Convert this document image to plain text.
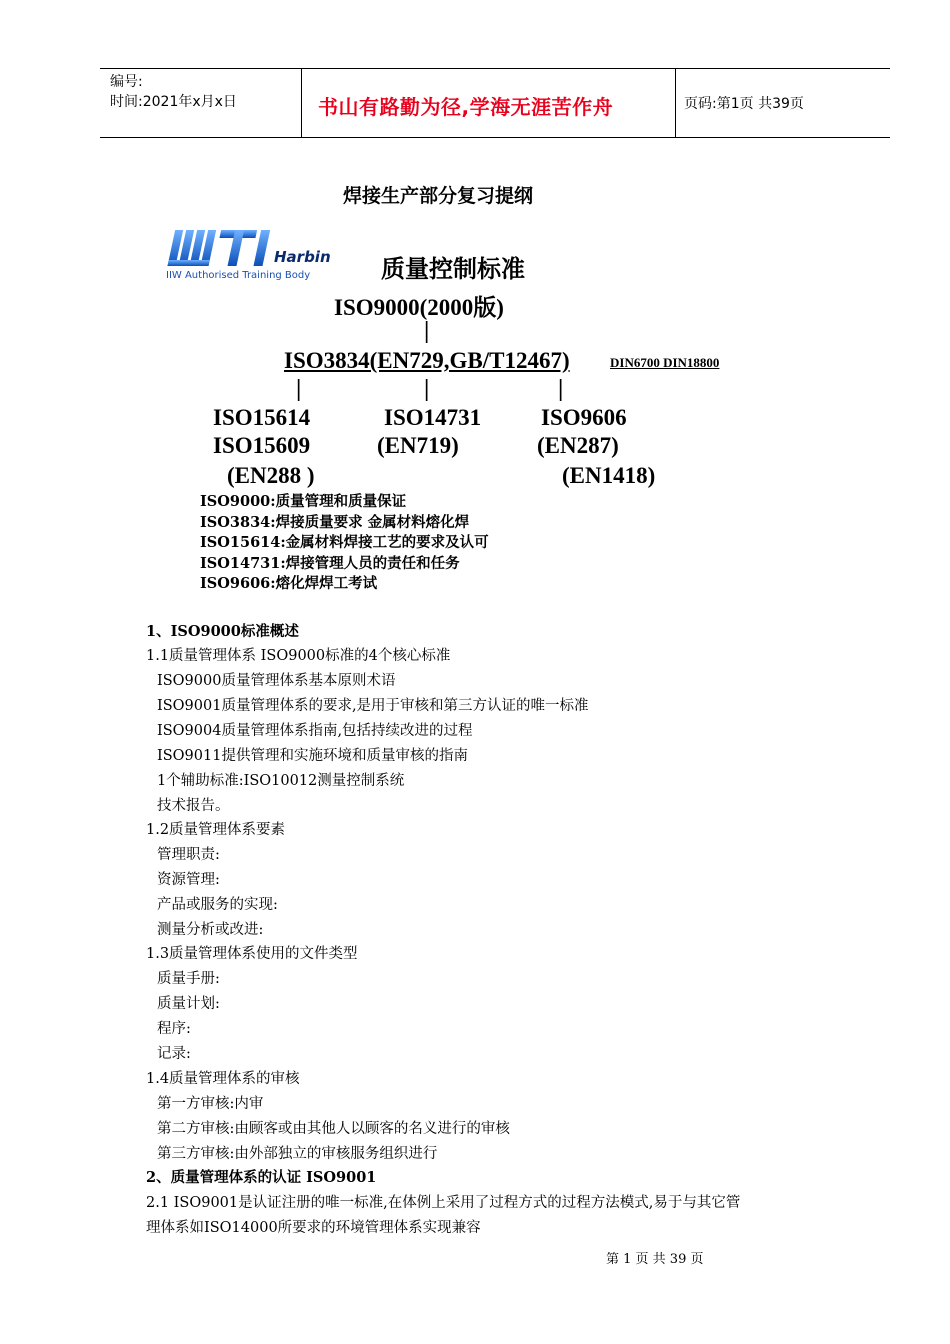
编号:
时间:2021年x月x日	书山有路勤为径,学海无涯苦作舟	页码:第1页 共39页
焊接生产部分复习提纲
Harbin
IIW Authorised Training Body	质量控制标准
ISO9000(2000版)
|
ISO3834(EN729,GB/T12467)	DIN6700 DIN18800
|	|	|
ISO15614
ISO15609
(EN288 )
ISO14731
(EN719)
ISO9606
(EN287)
(EN1418)
ISO9000:质量管理和质量保证
ISO3834:焊接质量要求 金属材料熔化焊
ISO15614:金属材料焊接工艺的要求及认可
ISO14731:焊接管理人员的责任和任务
ISO9606:熔化焊焊工考试
1、ISO9000标准概述
1.1质量管理体系 ISO9000标准的4个核心标准
ISO9000质量管理体系基本原则术语
ISO9001质量管理体系的要求,是用于审核和第三方认证的唯一标准
ISO9004质量管理体系指南,包括持续改进的过程
ISO9011提供管理和实施环境和质量审核的指南
1个辅助标准:ISO10012测量控制系统
技术报告。
1.2质量管理体系要素
管理职责:
资源管理:
产品或服务的实现:
测量分析或改进:
1.3质量管理体系使用的文件类型
质量手册:
质量计划:
程序:
记录:
1.4质量管理体系的审核
第一方审核:内审
第二方审核:由顾客或由其他人以顾客的名义进行的审核
第三方审核:由外部独立的审核服务组织进行
2、质量管理体系的认证 ISO9001
2.1 ISO9001是认证注册的唯一标准,在体例上采用了过程方式的过程方法模式,易于与其它管
理体系如ISO14000所要求的环境管理体系实现兼容
第 1 页 共 39 页
